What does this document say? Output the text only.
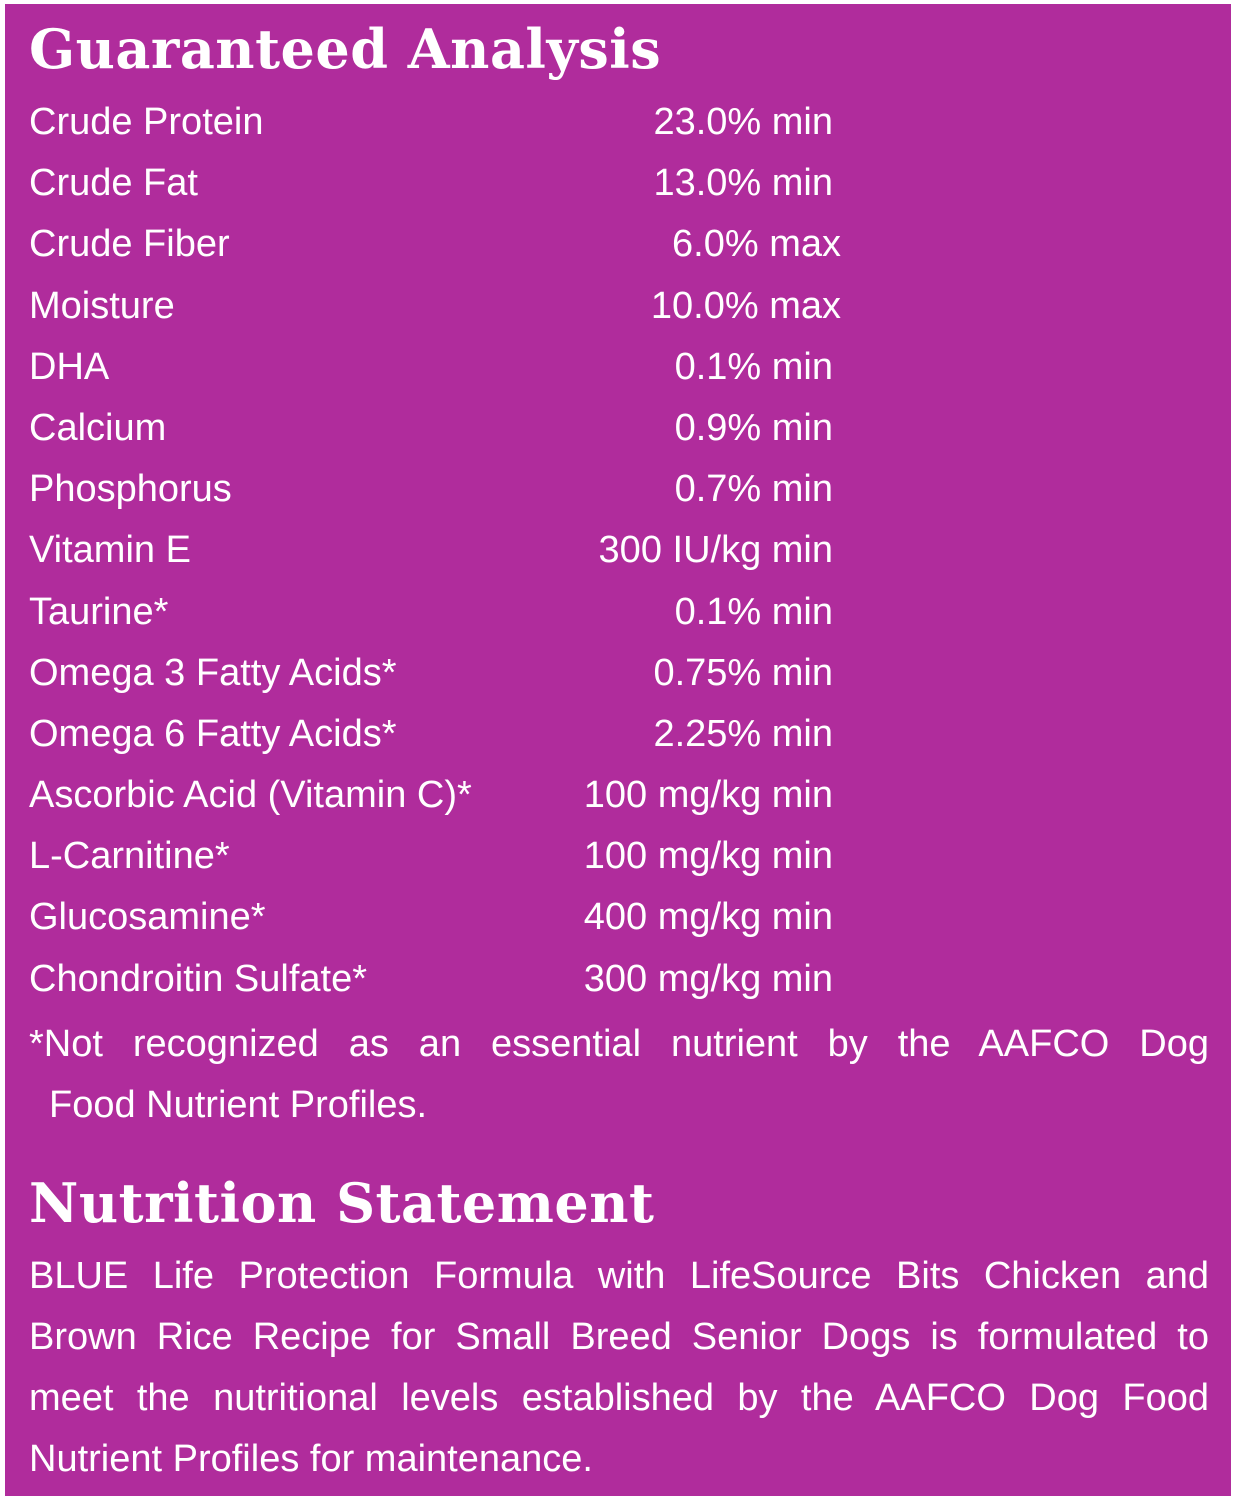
Guaranteed Analysis
Crude Protein	23.0% min
Crude Fat	13.0% min
Crude Fiber	6.0% max
Moisture	10.0% max
DHA	0.1% min
Calcium	0.9% min
Phosphorus	0.7% min
Vitamin E	300 IU/kg min
Taurine*	0.1% min
Omega 3 Fatty Acids*	0.75% min
Omega 6 Fatty Acids*	2.25% min
Ascorbic Acid (Vitamin C)*	100 mg/kg min
L-Carnitine*	100 mg/kg min
Glucosamine*	400 mg/kg min
Chondroitin Sulfate*	300 mg/kg min

*Not recognized as an essential nutrient by the AAFCO Dog
Food Nutrient Profiles.

Nutrition Statement

BLUE Life Protection Formula with LifeSource Bits Chicken and Brown Rice Recipe for Small Breed Senior Dogs is formulated to meet the nutritional levels established by the AAFCO Dog Food Nutrient Profiles for maintenance.
